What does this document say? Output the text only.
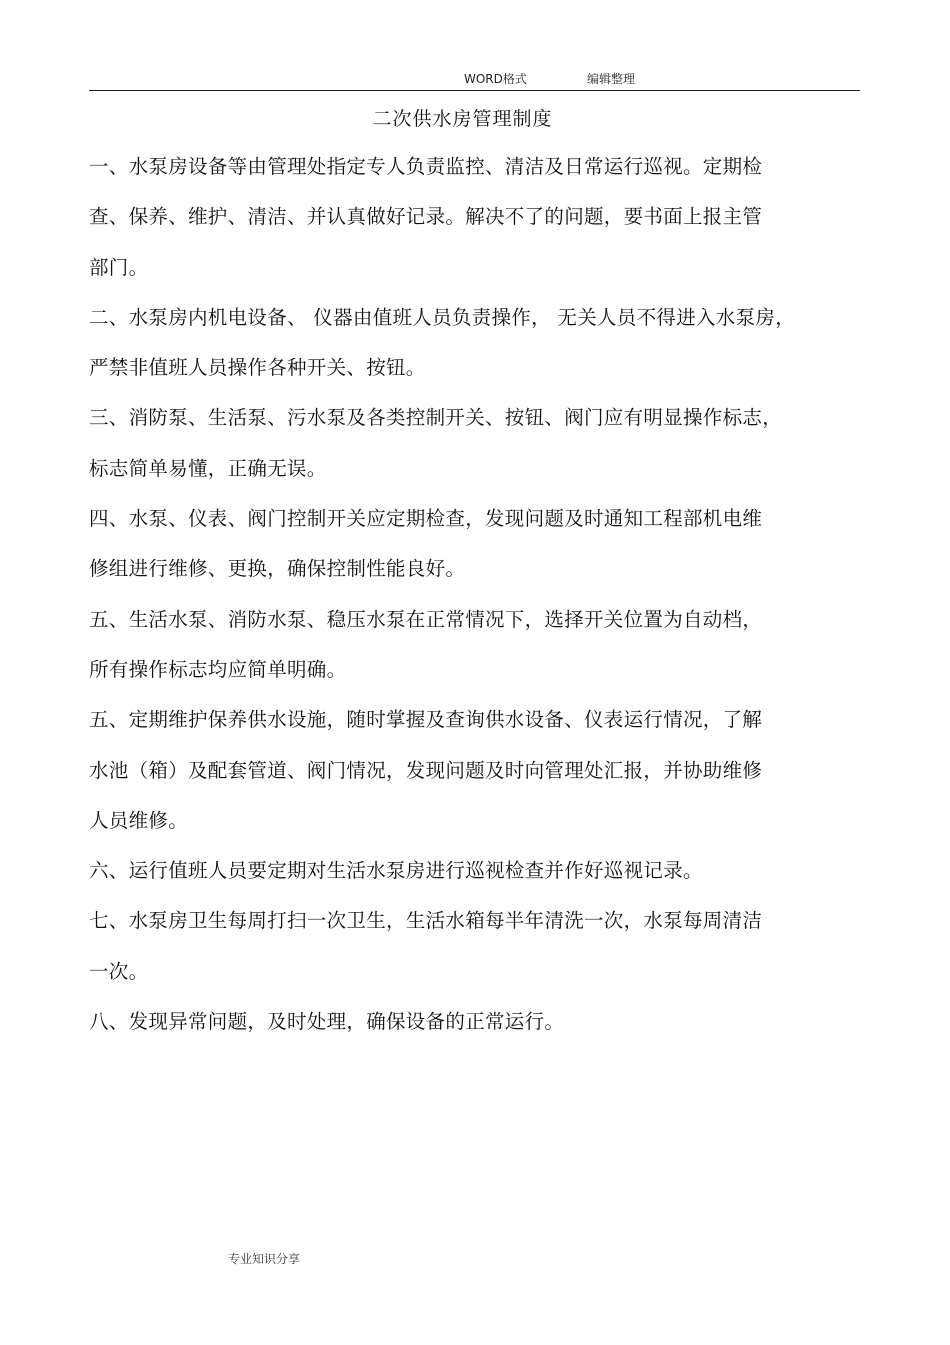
WORD格式	编辑整理
二次供水房管理制度
一、水泵房设备等由管理处指定专人负责监控、清洁及日常运行巡视。定期检
查、保养、维护、清洁、并认真做好记录。解决不了的问题，要书面上报主管
部门。
二、水泵房内机电设备、 仪器由值班人员负责操作， 无关人员不得进入水泵房，
严禁非值班人员操作各种开关、按钮。
三、消防泵、生活泵、污水泵及各类控制开关、按钮、阀门应有明显操作标志，
标志简单易懂，正确无误。
四、水泵、仪表、阀门控制开关应定期检查，发现问题及时通知工程部机电维
修组进行维修、更换，确保控制性能良好。
五、生活水泵、消防水泵、稳压水泵在正常情况下，选择开关位置为自动档，
所有操作标志均应简单明确。
五、定期维护保养供水设施，随时掌握及查询供水设备、仪表运行情况，了解
水池（箱）及配套管道、阀门情况，发现问题及时向管理处汇报，并协助维修
人员维修。
六、运行值班人员要定期对生活水泵房进行巡视检查并作好巡视记录。
七、水泵房卫生每周打扫一次卫生，生活水箱每半年清洗一次，水泵每周清洁
一次。
八、发现异常问题，及时处理，确保设备的正常运行。
专业知识分享
